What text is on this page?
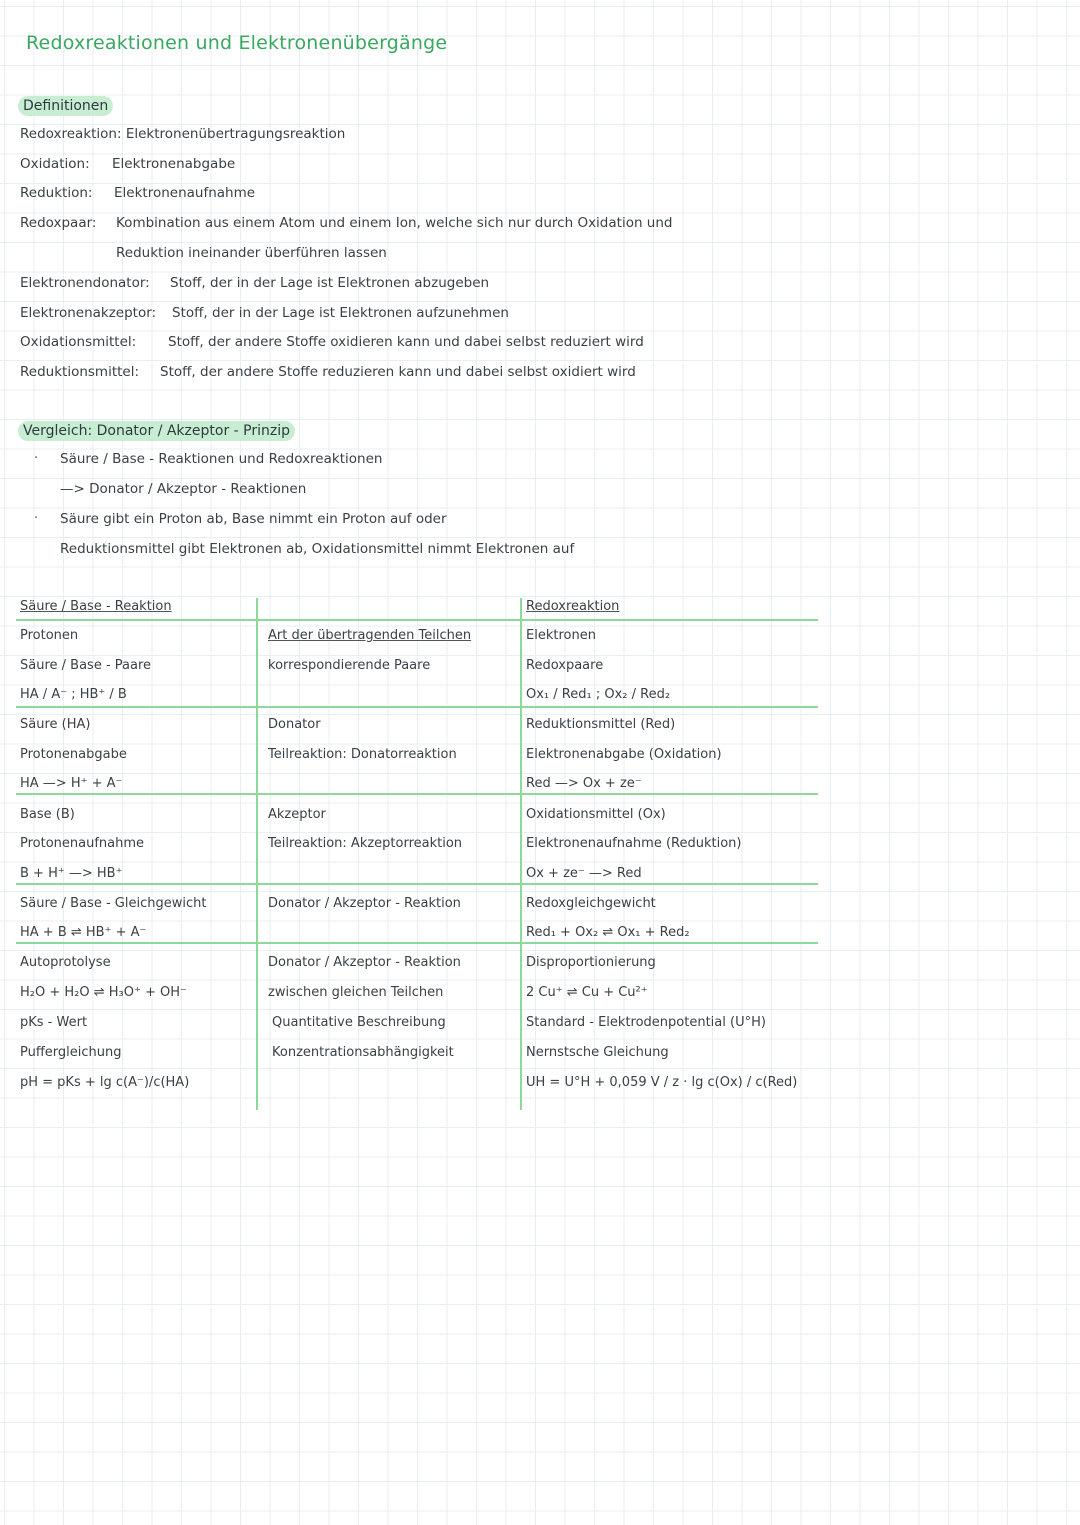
Redoxreaktionen und Elektronenübergänge
Definitionen
Redoxreaktion: Elektronenübertragungsreaktion
Oxidation: Elektronenabgabe
Reduktion: Elektronenaufnahme
Redoxpaar: Kombination aus einem Atom und einem Ion, welche sich nur durch Oxidation und
Reduktion ineinander überführen lassen
Elektronendonator: Stoff, der in der Lage ist Elektronen abzugeben
Elektronenakzeptor: Stoff, der in der Lage ist Elektronen aufzunehmen
Oxidationsmittel: Stoff, der andere Stoffe oxidieren kann und dabei selbst reduziert wird
Reduktionsmittel: Stoff, der andere Stoffe reduzieren kann und dabei selbst oxidiert wird
Vergleich: Donator / Akzeptor - Prinzip
· Säure / Base - Reaktionen und Redoxreaktionen
—> Donator / Akzeptor - Reaktionen
· Säure gibt ein Proton ab, Base nimmt ein Proton auf oder
Reduktionsmittel gibt Elektronen ab, Oxidationsmittel nimmt Elektronen auf
Säure / Base - Reaktion	Redoxreaktion
Protonen
Säure / Base - Paare
HA / A⁻ ; HB⁺ / B
Art der übertragenden Teilchen
korrespondierende Paare
Elektronen
Redoxpaare
Ox₁ / Red₁ ; Ox₂ / Red₂
Säure (HA)
Protonenabgabe
HA —> H⁺ + A⁻
Donator
Teilreaktion: Donatorreaktion
Reduktionsmittel (Red)
Elektronenabgabe (Oxidation)
Red —> Ox + ze⁻
Base (B)
Protonenaufnahme
B + H⁺ —> HB⁺
Akzeptor
Teilreaktion: Akzeptorreaktion
Oxidationsmittel (Ox)
Elektronenaufnahme (Reduktion)
Ox + ze⁻ —> Red
Säure / Base - Gleichgewicht
HA + B ⇌ HB⁺ + A⁻
Donator / Akzeptor - Reaktion	Redoxgleichgewicht
Red₁ + Ox₂ ⇌ Ox₁ + Red₂
Autoprotolyse
H₂O + H₂O ⇌ H₃O⁺ + OH⁻
pKs - Wert
Puffergleichung
pH = pKs + lg c(A⁻)/c(HA)
Donator / Akzeptor - Reaktion
zwischen gleichen Teilchen
Quantitative Beschreibung
Konzentrationsabhängigkeit
Disproportionierung
2 Cu⁺ ⇌ Cu + Cu²⁺
Standard - Elektrodenpotential (U°H)
Nernstsche Gleichung
UH = U°H + 0,059 V / z · lg c(Ox) / c(Red)
